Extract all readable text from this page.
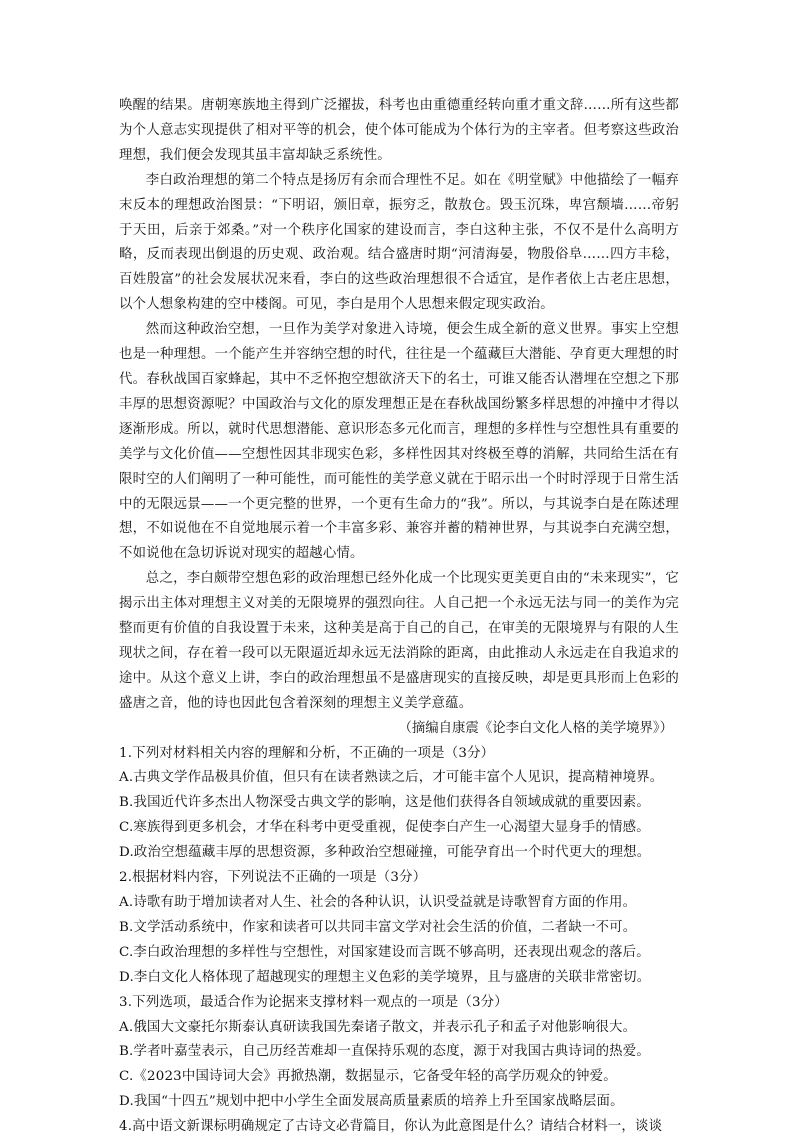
唤醒的结果。唐朝寒族地主得到广泛擢拔，科考也由重德重经转向重才重文辞……所有这些都为个人意志实现提供了相对平等的机会，使个体可能成为个体行为的主宰者。但考察这些政治理想，我们便会发现其虽丰富却缺乏系统性。

李白政治理想的第二个特点是扬厉有余而合理性不足。如在《明堂赋》中他描绘了一幅弃末反本的理想政治图景：“下明诏，颁旧章，振穷乏，散敖仓。毁玉沉珠，卑宫颓墙……帝躬于天田，后亲于郊桑。”对一个秩序化国家的建设而言，李白这种主张，不仅不是什么高明方略，反而表现出倒退的历史观、政治观。结合盛唐时期“河清海晏，物殷俗阜……四方丰稔，百姓殷富”的社会发展状况来看，李白的这些政治理想很不合适宜，是作者依上古老庄思想，以个人想象构建的空中楼阁。可见，李白是用个人思想来假定现实政治。

然而这种政治空想，一旦作为美学对象进入诗境，便会生成全新的意义世界。事实上空想也是一种理想。一个能产生并容纳空想的时代，往往是一个蕴藏巨大潜能、孕育更大理想的时代。春秋战国百家蜂起，其中不乏怀抱空想欲济天下的名士，可谁又能否认潜埋在空想之下那丰厚的思想资源呢？中国政治与文化的原发理想正是在春秋战国纷繁多样思想的冲撞中才得以逐渐形成。所以，就时代思想潜能、意识形态多元化而言，理想的多样性与空想性具有重要的美学与文化价值——空想性因其非现实色彩，多样性因其对终极至尊的消解，共同给生活在有限时空的人们阐明了一种可能性，而可能性的美学意义就在于昭示出一个时时浮现于日常生活中的无限远景——一个更完整的世界，一个更有生命力的“我”。所以，与其说李白是在陈述理想，不如说他在不自觉地展示着一个丰富多彩、兼容并蓄的精神世界，与其说李白充满空想，不如说他在急切诉说对现实的超越心情。

总之，李白颇带空想色彩的政治理想已经外化成一个比现实更美更自由的“未来现实”，它揭示出主体对理想主义对美的无限境界的强烈向往。人自己把一个永远无法与同一的美作为完整而更有价值的自我设置于未来，这种美是高于自己的自己，在审美的无限境界与有限的人生现状之间，存在着一段可以无限逼近却永远无法消除的距离，由此推动人永远走在自我追求的途中。从这个意义上讲，李白的政治理想虽不是盛唐现实的直接反映，却是更具形而上色彩的盛唐之音，他的诗也因此包含着深刻的理想主义美学意蕴。

（摘编自康震《论李白文化人格的美学境界》）

1.下列对材料相关内容的理解和分析，不正确的一项是（3分）

A.古典文学作品极具价值，但只有在读者熟读之后，才可能丰富个人见识，提高精神境界。

B.我国近代许多杰出人物深受古典文学的影响，这是他们获得各自领域成就的重要因素。

C.寒族得到更多机会，才华在科考中更受重视，促使李白产生一心渴望大显身手的情感。

D.政治空想蕴藏丰厚的思想资源，多种政治空想碰撞，可能孕育出一个时代更大的理想。

2.根据材料内容，下列说法不正确的一项是（3分）

A.诗歌有助于增加读者对人生、社会的各种认识，认识受益就是诗歌智育方面的作用。

B.文学活动系统中，作家和读者可以共同丰富文学对社会生活的价值，二者缺一不可。

C.李白政治理想的多样性与空想性，对国家建设而言既不够高明，还表现出观念的落后。

D.李白文化人格体现了超越现实的理想主义色彩的美学境界，且与盛唐的关联非常密切。

3.下列选项，最适合作为论据来支撑材料一观点的一项是（3分）

A.俄国大文豪托尔斯泰认真研读我国先秦诸子散文，并表示孔子和孟子对他影响很大。

B.学者叶嘉莹表示，自己历经苦难却一直保持乐观的态度，源于对我国古典诗词的热爱。

C.《2023中国诗词大会》再掀热潮，数据显示，它备受年轻的高学历观众的钟爱。

D.我国“十四五”规划中把中小学生全面发展高质量素质的培养上升至国家战略层面。

4.高中语文新课标明确规定了古诗文必背篇目，你认为此意图是什么？请结合材料一，谈谈
